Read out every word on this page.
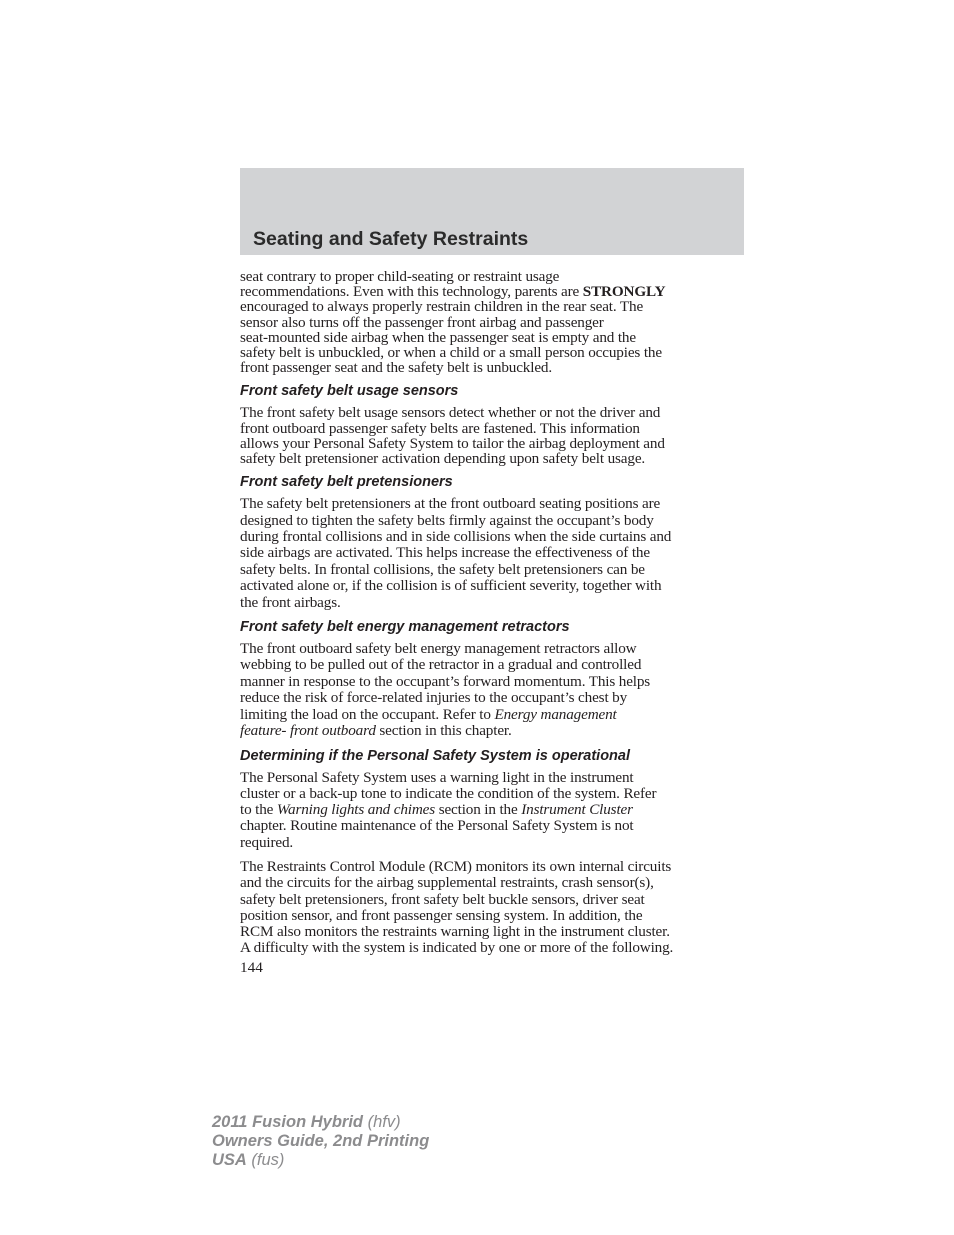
Seating and Safety Restraints

seat contrary to proper child-seating or restraint usage
recommendations. Even with this technology, parents are STRONGLY
encouraged to always properly restrain children in the rear seat. The
sensor also turns off the passenger front airbag and passenger
seat-mounted side airbag when the passenger seat is empty and the
safety belt is unbuckled, or when a child or a small person occupies the
front passenger seat and the safety belt is unbuckled.

Front safety belt usage sensors

The front safety belt usage sensors detect whether or not the driver and
front outboard passenger safety belts are fastened. This information
allows your Personal Safety System to tailor the airbag deployment and
safety belt pretensioner activation depending upon safety belt usage.

Front safety belt pretensioners

The safety belt pretensioners at the front outboard seating positions are
designed to tighten the safety belts firmly against the occupant’s body
during frontal collisions and in side collisions when the side curtains and
side airbags are activated. This helps increase the effectiveness of the
safety belts. In frontal collisions, the safety belt pretensioners can be
activated alone or, if the collision is of sufficient severity, together with
the front airbags.

Front safety belt energy management retractors

The front outboard safety belt energy management retractors allow
webbing to be pulled out of the retractor in a gradual and controlled
manner in response to the occupant’s forward momentum. This helps
reduce the risk of force-related injuries to the occupant’s chest by
limiting the load on the occupant. Refer to Energy management
feature- front outboard section in this chapter.

Determining if the Personal Safety System is operational

The Personal Safety System uses a warning light in the instrument
cluster or a back-up tone to indicate the condition of the system. Refer
to the Warning lights and chimes section in the Instrument Cluster
chapter. Routine maintenance of the Personal Safety System is not
required.

The Restraints Control Module (RCM) monitors its own internal circuits
and the circuits for the airbag supplemental restraints, crash sensor(s),
safety belt pretensioners, front safety belt buckle sensors, driver seat
position sensor, and front passenger sensing system. In addition, the
RCM also monitors the restraints warning light in the instrument cluster.
A difficulty with the system is indicated by one or more of the following.

144

2011 Fusion Hybrid (hfv)
Owners Guide, 2nd Printing
USA (fus)
